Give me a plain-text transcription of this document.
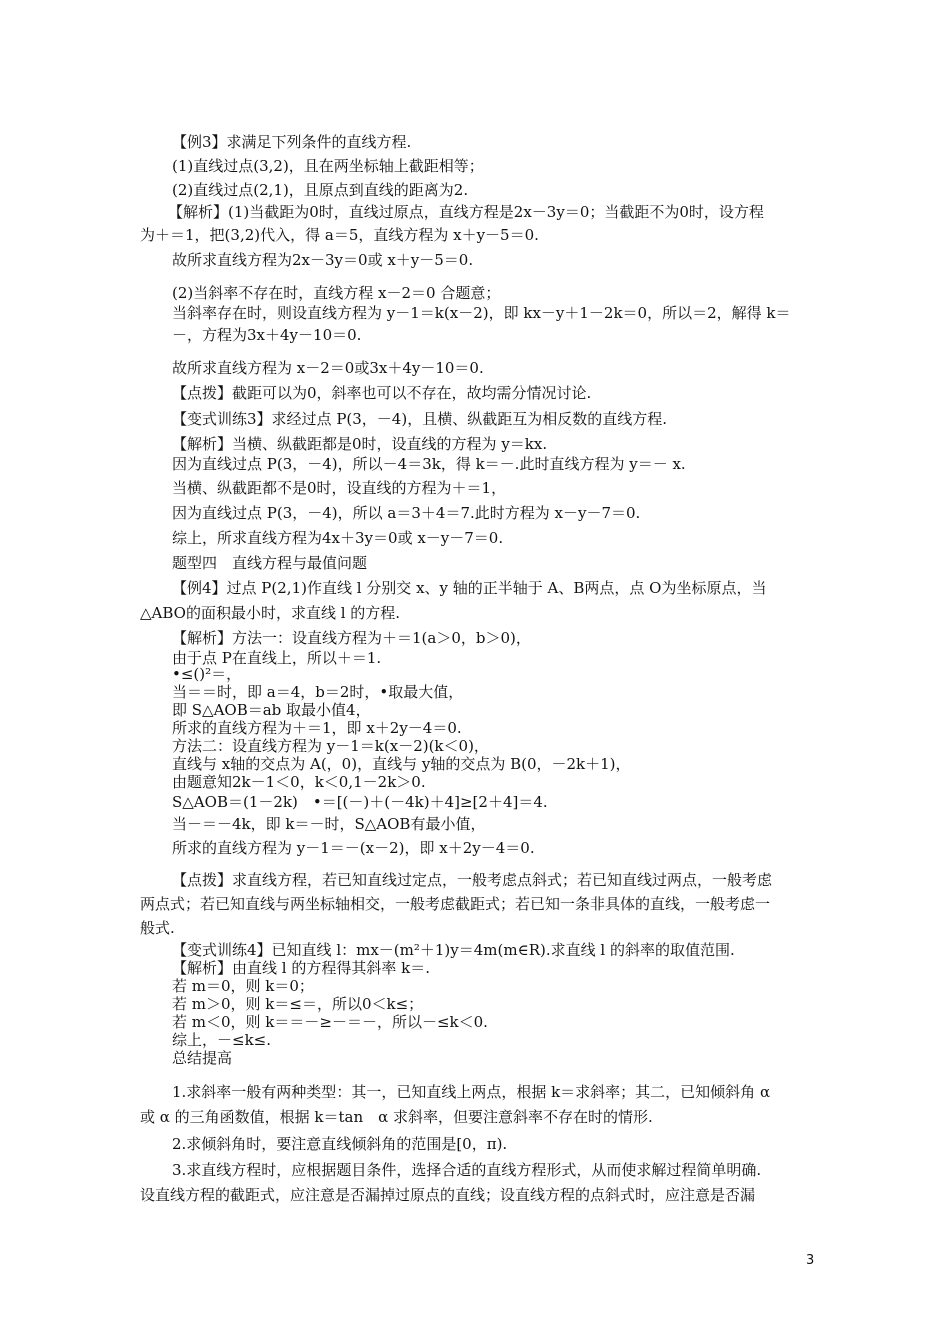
【例3】求满足下列条件的直线方程.
(1)直线过点(3,2)，且在两坐标轴上截距相等；
(2)直线过点(2,1)，且原点到直线的距离为2.
【解析】(1)当截距为0时，直线过原点，直线方程是2x－3y＝0；当截距不为0时，设方程
为＋＝1，把(3,2)代入，得 a＝5，直线方程为 x＋y－5＝0.
故所求直线方程为2x－3y＝0或 x＋y－5＝0.
(2)当斜率不存在时，直线方程 x－2＝0 合题意；
当斜率存在时，则设直线方程为 y－1＝k(x－2)，即 kx－y＋1－2k＝0，所以＝2，解得 k＝
－，方程为3x＋4y－10＝0.
故所求直线方程为 x－2＝0或3x＋4y－10＝0.
【点拨】截距可以为0，斜率也可以不存在，故均需分情况讨论.
【变式训练3】求经过点 P(3，－4)，且横、纵截距互为相反数的直线方程.
【解析】当横、纵截距都是0时，设直线的方程为 y＝kx.
因为直线过点 P(3，－4)，所以－4＝3k，得 k＝－.此时直线方程为 y＝－ x.
当横、纵截距都不是0时，设直线的方程为＋＝1，
因为直线过点 P(3，－4)，所以 a＝3＋4＝7.此时方程为 x－y－7＝0.
综上，所求直线方程为4x＋3y＝0或 x－y－7＝0.
题型四　直线方程与最值问题
【例4】过点 P(2,1)作直线 l 分别交 x、y 轴的正半轴于 A、B两点，点 O为坐标原点，当
△ABO的面积最小时，求直线 l 的方程.
【解析】方法一：设直线方程为＋＝1(a＞0，b＞0)，
由于点 P在直线上，所以＋＝1.
•≤()²＝，
当＝＝时，即 a＝4，b＝2时，•取最大值，
即 S△AOB＝ab 取最小值4，
所求的直线方程为＋＝1，即 x＋2y－4＝0.
方法二：设直线方程为 y－1＝k(x－2)(k＜0)，
直线与 x轴的交点为 A(，0)，直线与 y轴的交点为 B(0，－2k＋1)，
由题意知2k－1＜0，k＜0,1－2k＞0.
S△AOB＝(1－2k)　•＝[(－)＋(－4k)＋4]≥[2＋4]＝4.
当－＝－4k，即 k＝－时，S△AOB有最小值，
所求的直线方程为 y－1＝－(x－2)，即 x＋2y－4＝0.
【点拨】求直线方程，若已知直线过定点，一般考虑点斜式；若已知直线过两点，一般考虑
两点式；若已知直线与两坐标轴相交，一般考虑截距式；若已知一条非具体的直线，一般考虑一
般式.
【变式训练4】已知直线 l：mx－(m²＋1)y＝4m(m∈R).求直线 l 的斜率的取值范围.
【解析】由直线 l 的方程得其斜率 k＝.
若 m＝0，则 k＝0；
若 m＞0，则 k＝≤＝，所以0＜k≤；
若 m＜0，则 k＝＝－≥－＝－，所以－≤k＜0.
综上，－≤k≤.
总结提高
1.求斜率一般有两种类型：其一，已知直线上两点，根据 k＝求斜率；其二，已知倾斜角 α
或 α 的三角函数值，根据 k＝tan　α 求斜率，但要注意斜率不存在时的情形.
2.求倾斜角时，要注意直线倾斜角的范围是[0，π).
3.求直线方程时，应根据题目条件，选择合适的直线方程形式，从而使求解过程简单明确.
设直线方程的截距式，应注意是否漏掉过原点的直线；设直线方程的点斜式时，应注意是否漏
3
